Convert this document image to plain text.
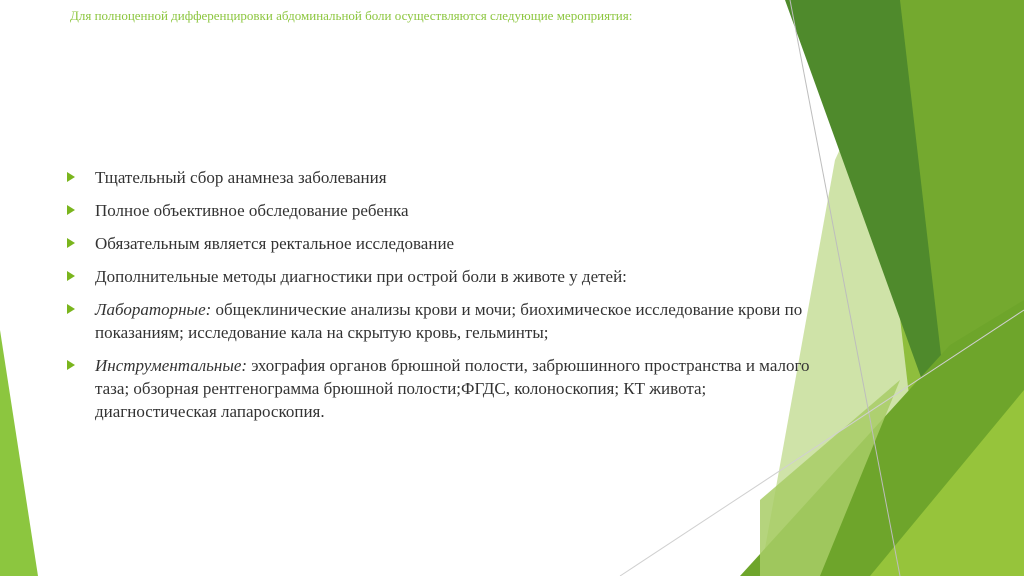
Для полноценной дифференцировки абдоминальной боли осуществляются следующие мероприятия:
Тщательный сбор анамнеза заболевания
Полное объективное обследование ребенка
Обязательным является ректальное исследование
Дополнительные методы диагностики при острой боли в животе у детей:
Лабораторные: общеклинические анализы крови и мочи; биохимическое исследование крови по показаниям; исследование кала на скрытую кровь, гельминты;
Инструментальные: эхография органов брюшной полости, забрюшинного пространства и малого таза; обзорная рентгенограмма брюшной полости;ФГДС, колоноскопия; КТ живота; диагностическая лапароскопия.
